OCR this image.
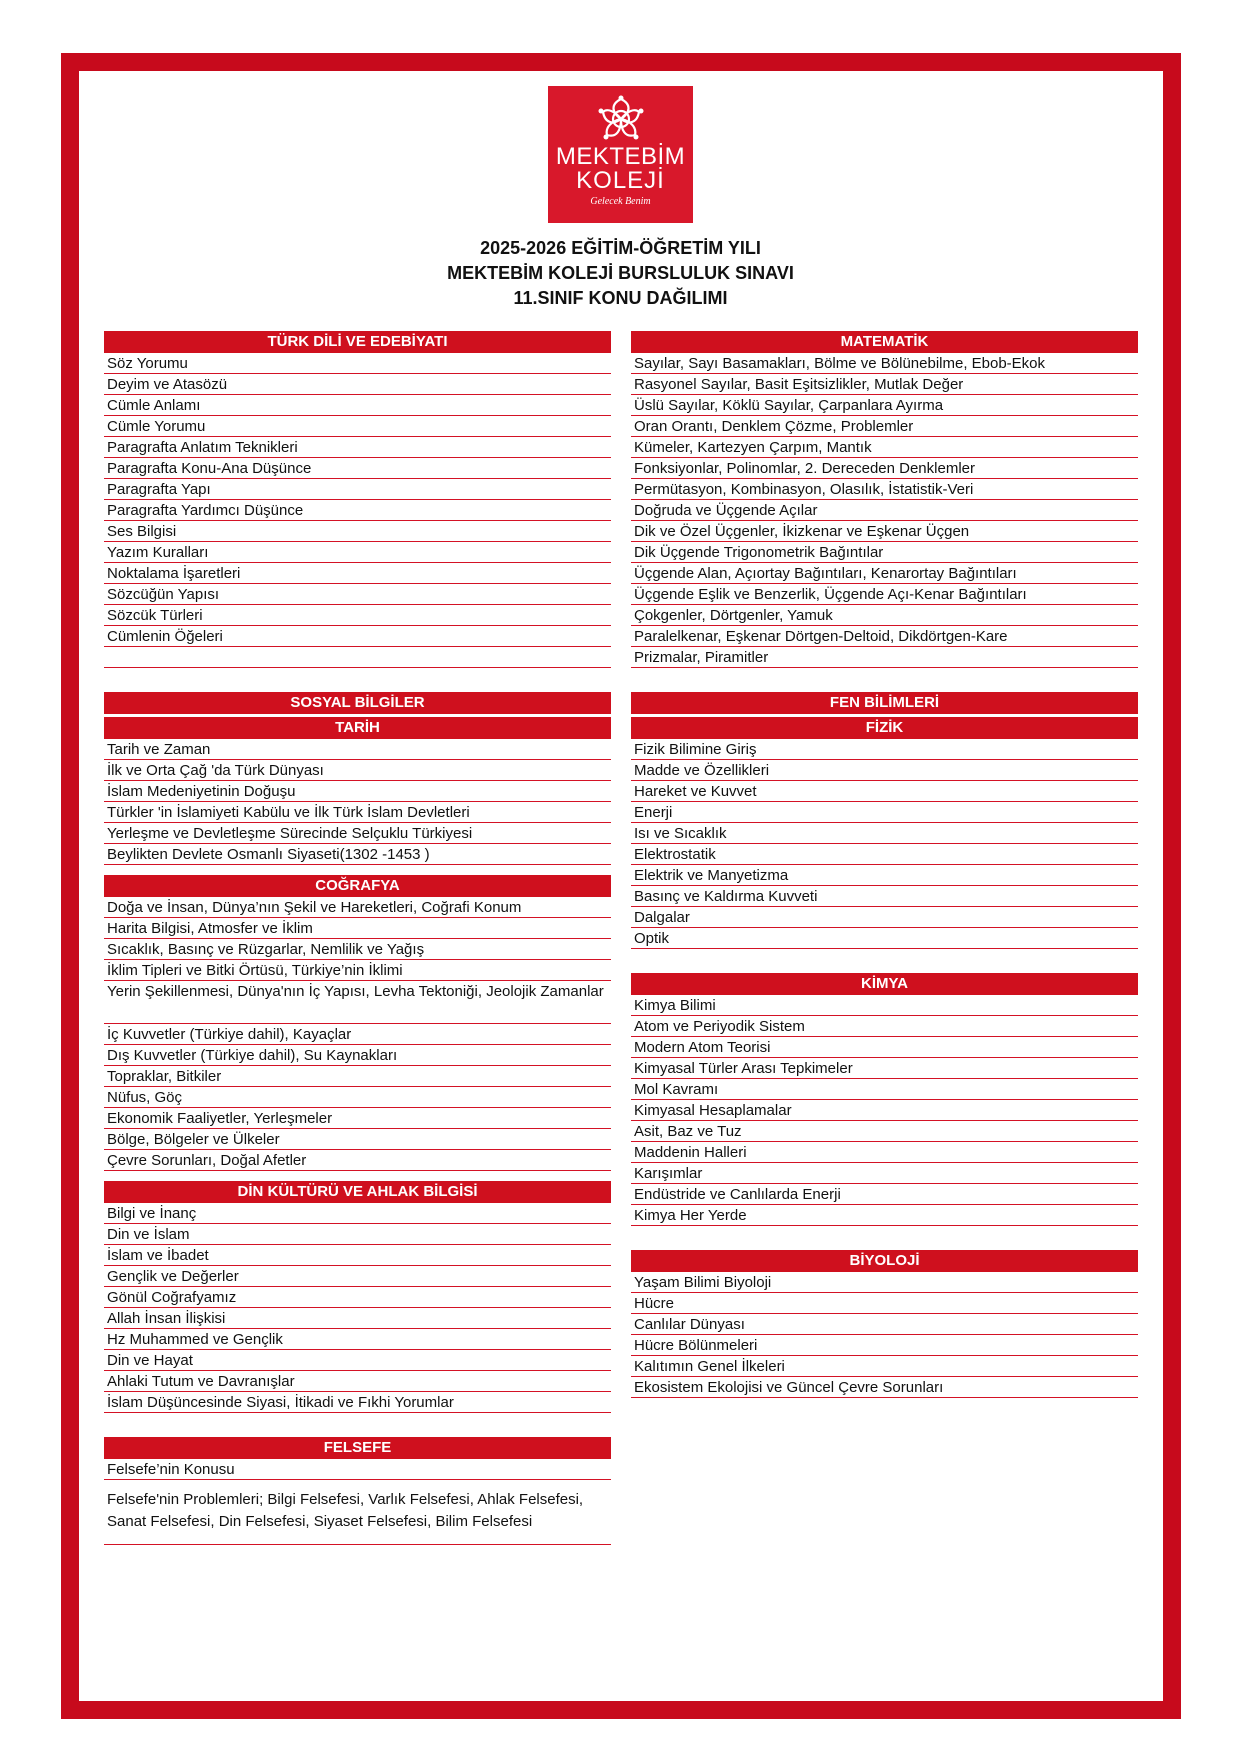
MEKTEBİM
KOLEJİ
Gelecek Benim
2025-2026 EĞİTİM-ÖĞRETİM YILI
MEKTEBİM KOLEJİ BURSLULUK SINAVI
11.SINIF KONU DAĞILIMI
TÜRK DİLİ VE EDEBİYATI
Söz Yorumu
Deyim ve Atasözü
Cümle Anlamı
Cümle Yorumu
Paragrafta Anlatım Teknikleri
Paragrafta Konu-Ana Düşünce
Paragrafta Yapı
Paragrafta Yardımcı Düşünce
Ses Bilgisi
Yazım Kuralları
Noktalama İşaretleri
Sözcüğün Yapısı
Sözcük Türleri
Cümlenin Öğeleri
SOSYAL BİLGİLER
TARİH
Tarih ve Zaman
İlk ve Orta Çağ 'da Türk Dünyası
İslam Medeniyetinin Doğuşu
Türkler 'in İslamiyeti Kabülu ve İlk Türk İslam Devletleri
Yerleşme ve Devletleşme Sürecinde Selçuklu Türkiyesi
Beylikten Devlete Osmanlı Siyaseti(1302 -1453 )
COĞRAFYA
Doğa ve İnsan, Dünya’nın Şekil ve Hareketleri, Coğrafi Konum
Harita Bilgisi, Atmosfer ve İklim
Sıcaklık, Basınç ve Rüzgarlar, Nemlilik ve Yağış
İklim Tipleri ve Bitki Örtüsü, Türkiye’nin İklimi
Yerin Şekillenmesi, Dünya'nın İç Yapısı, Levha Tektoniği, Jeolojik Zamanlar
İç Kuvvetler (Türkiye dahil), Kayaçlar
Dış Kuvvetler (Türkiye dahil), Su Kaynakları
Topraklar, Bitkiler
Nüfus, Göç
Ekonomik Faaliyetler, Yerleşmeler
Bölge, Bölgeler ve Ülkeler
Çevre Sorunları, Doğal Afetler
DİN KÜLTÜRÜ VE AHLAK BİLGİSİ
Bilgi ve İnanç
Din ve İslam
İslam ve İbadet
Gençlik ve Değerler
Gönül Coğrafyamız
Allah İnsan İlişkisi
Hz Muhammed ve Gençlik
Din ve Hayat
Ahlaki Tutum ve Davranışlar
İslam Düşüncesinde Siyasi, İtikadi ve Fıkhi Yorumlar
FELSEFE
Felsefe’nin Konusu
Felsefe'nin Problemleri; Bilgi Felsefesi, Varlık Felsefesi, Ahlak Felsefesi, Sanat Felsefesi, Din Felsefesi, Siyaset Felsefesi, Bilim Felsefesi
MATEMATİK
Sayılar, Sayı Basamakları, Bölme ve Bölünebilme, Ebob-Ekok
Rasyonel Sayılar, Basit Eşitsizlikler, Mutlak Değer
Üslü Sayılar, Köklü Sayılar, Çarpanlara Ayırma
Oran Orantı, Denklem Çözme, Problemler
Kümeler, Kartezyen Çarpım, Mantık
Fonksiyonlar, Polinomlar, 2. Dereceden Denklemler
Permütasyon, Kombinasyon, Olasılık, İstatistik-Veri
Doğruda ve Üçgende Açılar
Dik ve Özel Üçgenler, İkizkenar ve Eşkenar Üçgen
Dik Üçgende Trigonometrik Bağıntılar
Üçgende Alan, Açıortay Bağıntıları, Kenarortay Bağıntıları
Üçgende Eşlik ve Benzerlik, Üçgende Açı-Kenar Bağıntıları
Çokgenler, Dörtgenler, Yamuk
Paralelkenar, Eşkenar Dörtgen-Deltoid, Dikdörtgen-Kare
Prizmalar, Piramitler
FEN BİLİMLERİ
FİZİK
Fizik Bilimine Giriş
Madde ve Özellikleri
Hareket ve Kuvvet
Enerji
Isı ve Sıcaklık
Elektrostatik
Elektrik ve Manyetizma
Basınç ve Kaldırma Kuvveti
Dalgalar
Optik
KİMYA
Kimya Bilimi
Atom ve Periyodik Sistem
Modern Atom Teorisi
Kimyasal Türler Arası Tepkimeler
Mol Kavramı
Kimyasal Hesaplamalar
Asit, Baz ve Tuz
Maddenin Halleri
Karışımlar
Endüstride ve Canlılarda Enerji
Kimya Her Yerde
BİYOLOJİ
Yaşam Bilimi Biyoloji
Hücre
Canlılar Dünyası
Hücre Bölünmeleri
Kalıtımın Genel İlkeleri
Ekosistem Ekolojisi ve Güncel Çevre Sorunları
